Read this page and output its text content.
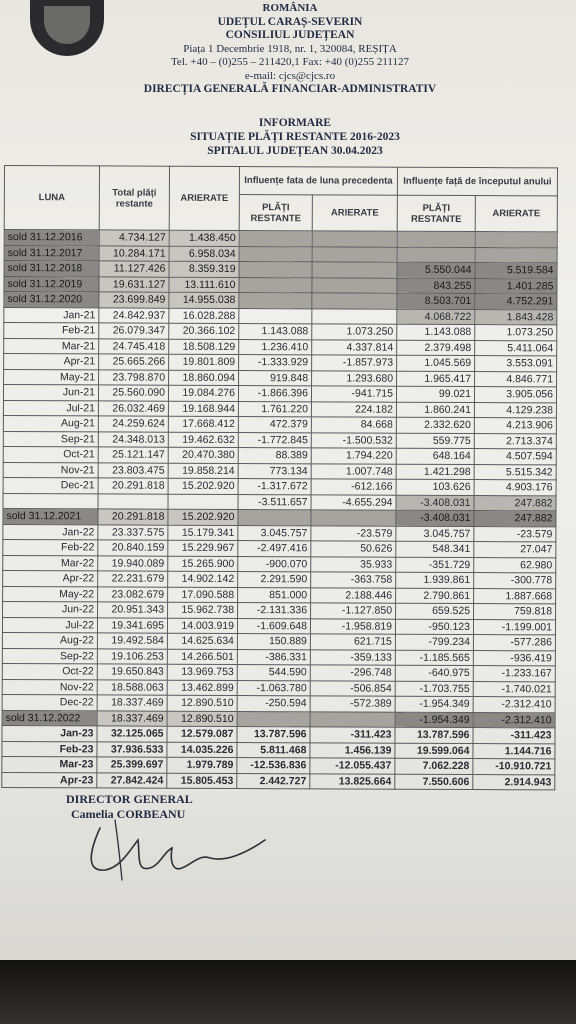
ROMÂNIA
UDEȚUL CARAȘ-SEVERIN
CONSILIUL JUDEȚEAN
Piața 1 Decembrie 1918, nr. 1, 320084, REȘIȚA
Tel. +40 – (0)255 – 211420,1 Fax: +40 (0)255 211127
e-mail: cjcs@cjcs.ro
DIRECȚIA GENERALĂ FINANCIAR-ADMINISTRATIV
INFORMARE
SITUAȚIE PLĂȚI RESTANTE 2016-2023
SPITALUL JUDEȚEAN 30.04.2023
LUNA	Total plăți restante	ARIERATE	Influențe fata de luna precedenta		Influențe față de începutul anului	
			PLĂȚI RESTANTE	ARIERATE	PLĂȚI RESTANTE	ARIERATE
sold 31.12.2016	4.734.127	1.438.450				
sold 31.12.2017	10.284.171	6.958.034				
sold 31.12.2018	11.127.426	8.359.319			5.550.044	5.519.584
sold 31.12.2019	19.631.127	13.111.610			843.255	1.401.285
sold 31.12.2020	23.699.849	14.955.038			8.503.701	4.752.291
Jan-21	24.842.937	16.028.288			4.068.722	1.843.428
Feb-21	26.079.347	20.366.102	1.143.088	1.073.250	1.143.088	1.073.250
Mar-21	24.745.418	18.508.129	1.236.410	4.337.814	2.379.498	5.411.064
Apr-21	25.665.266	19.801.809	-1.333.929	-1.857.973	1.045.569	3.553.091
May-21	23.798.870	18.860.094	919.848	1.293.680	1.965.417	4.846.771
Jun-21	25.560.090	19.084.276	-1.866.396	-941.715	99.021	3.905.056
Jul-21	26.032.469	19.168.944	1.761.220	224.182	1.860.241	4.129.238
Aug-21	24.259.624	17.668.412	472.379	84.668	2.332.620	4.213.906
Sep-21	24.348.013	19.462.632	-1.772.845	-1.500.532	559.775	2.713.374
Oct-21	25.121.147	20.470.380	88.389	1.794.220	648.164	4.507.594
Nov-21	23.803.475	19.858.214	773.134	1.007.748	1.421.298	5.515.342
Dec-21	20.291.818	15.202.920	-1.317.672	-612.166	103.626	4.903.176
			-3.511.657	-4.655.294	-3.408.031	247.882
sold 31.12.2021	20.291.818	15.202.920			-3.408.031	247.882
Jan-22	23.337.575	15.179.341	3.045.757	-23.579	3.045.757	-23.579
Feb-22	20.840.159	15.229.967	-2.497.416	50.626	548.341	27.047
Mar-22	19.940.089	15.265.900	-900.070	35.933	-351.729	62.980
Apr-22	22.231.679	14.902.142	2.291.590	-363.758	1.939.861	-300.778
May-22	23.082.679	17.090.588	851.000	2.188.446	2.790.861	1.887.668
Jun-22	20.951.343	15.962.738	-2.131.336	-1.127.850	659.525	759.818
Jul-22	19.341.695	14.003.919	-1.609.648	-1.958.819	-950.123	-1.199.001
Aug-22	19.492.584	14.625.634	150.889	621.715	-799.234	-577.286
Sep-22	19.106.253	14.266.501	-386.331	-359.133	-1.185.565	-936.419
Oct-22	19.650.843	13.969.753	544.590	-296.748	-640.975	-1.233.167
Nov-22	18.588.063	13.462.899	-1.063.780	-506.854	-1.703.755	-1.740.021
Dec-22	18.337.469	12.890.510	-250.594	-572.389	-1.954.349	-2.312.410
sold 31.12.2022	18.337.469	12.890.510			-1.954.349	-2.312.410
Jan-23	32.125.065	12.579.087	13.787.596	-311.423	13.787.596	-311.423
Feb-23	37.936.533	14.035.226	5.811.468	1.456.139	19.599.064	1.144.716
Mar-23	25.399.697	1.979.789	-12.536.836	-12.055.437	7.062.228	-10.910.721
Apr-23	27.842.424	15.805.453	2.442.727	13.825.664	7.550.606	2.914.943
DIRECTOR GENERAL
Camelia CORBEANU
